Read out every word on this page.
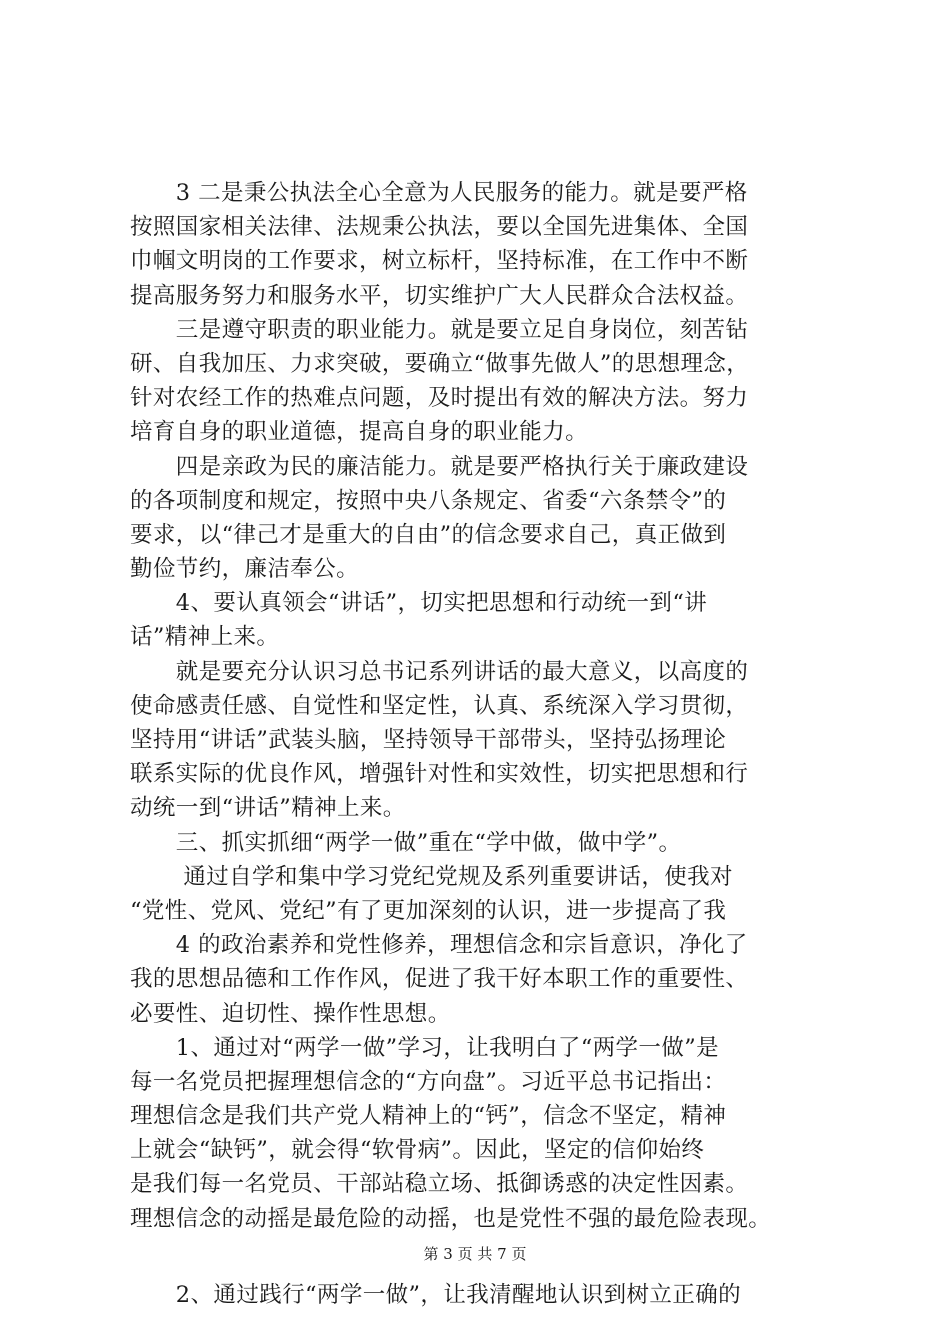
　　3 二是秉公执法全心全意为人民服务的能力。就是要严格
按照国家相关法律、法规秉公执法，要以全国先进集体、全国
巾帼文明岗的工作要求，树立标杆，坚持标准，在工作中不断
提高服务努力和服务水平，切实维护广大人民群众合法权益。
　　三是遵守职责的职业能力。就是要立足自身岗位，刻苦钻
研、自我加压、力求突破，要确立“做事先做人”的思想理念，
针对农经工作的热难点问题，及时提出有效的解决方法。努力
培育自身的职业道德，提高自身的职业能力。
　　四是亲政为民的廉洁能力。就是要严格执行关于廉政建设
的各项制度和规定，按照中央八条规定、省委“六条禁令”的
要求，以“律己才是重大的自由”的信念要求自己，真正做到
勤俭节约，廉洁奉公。
　　4、要认真领会“讲话”，切实把思想和行动统一到“讲
话”精神上来。
　　就是要充分认识习总书记系列讲话的最大意义，以高度的
使命感责任感、自觉性和坚定性，认真、系统深入学习贯彻，
坚持用“讲话”武装头脑，坚持领导干部带头，坚持弘扬理论
联系实际的优良作风，增强针对性和实效性，切实把思想和行
动统一到“讲话”精神上来。
　　三、抓实抓细“两学一做”重在“学中做，做中学”。
　　 通过自学和集中学习党纪党规及系列重要讲话，使我对
“党性、党风、党纪”有了更加深刻的认识，进一步提高了我
　　4 的政治素养和党性修养，理想信念和宗旨意识，净化了
我的思想品德和工作作风，促进了我干好本职工作的重要性、
必要性、迫切性、操作性思想。
　　1、通过对“两学一做”学习，让我明白了“两学一做”是
每一名党员把握理想信念的“方向盘”。习近平总书记指出：
理想信念是我们共产党人精神上的“钙”，信念不坚定，精神
上就会“缺钙”，就会得“软骨病”。因此，坚定的信仰始终
是我们每一名党员、干部站稳立场、抵御诱惑的决定性因素。
理想信念的动摇是最危险的动摇，也是党性不强的最危险表现。
　　2、通过践行“两学一做”，让我清醒地认识到树立正确的
第 3 页 共 7 页
